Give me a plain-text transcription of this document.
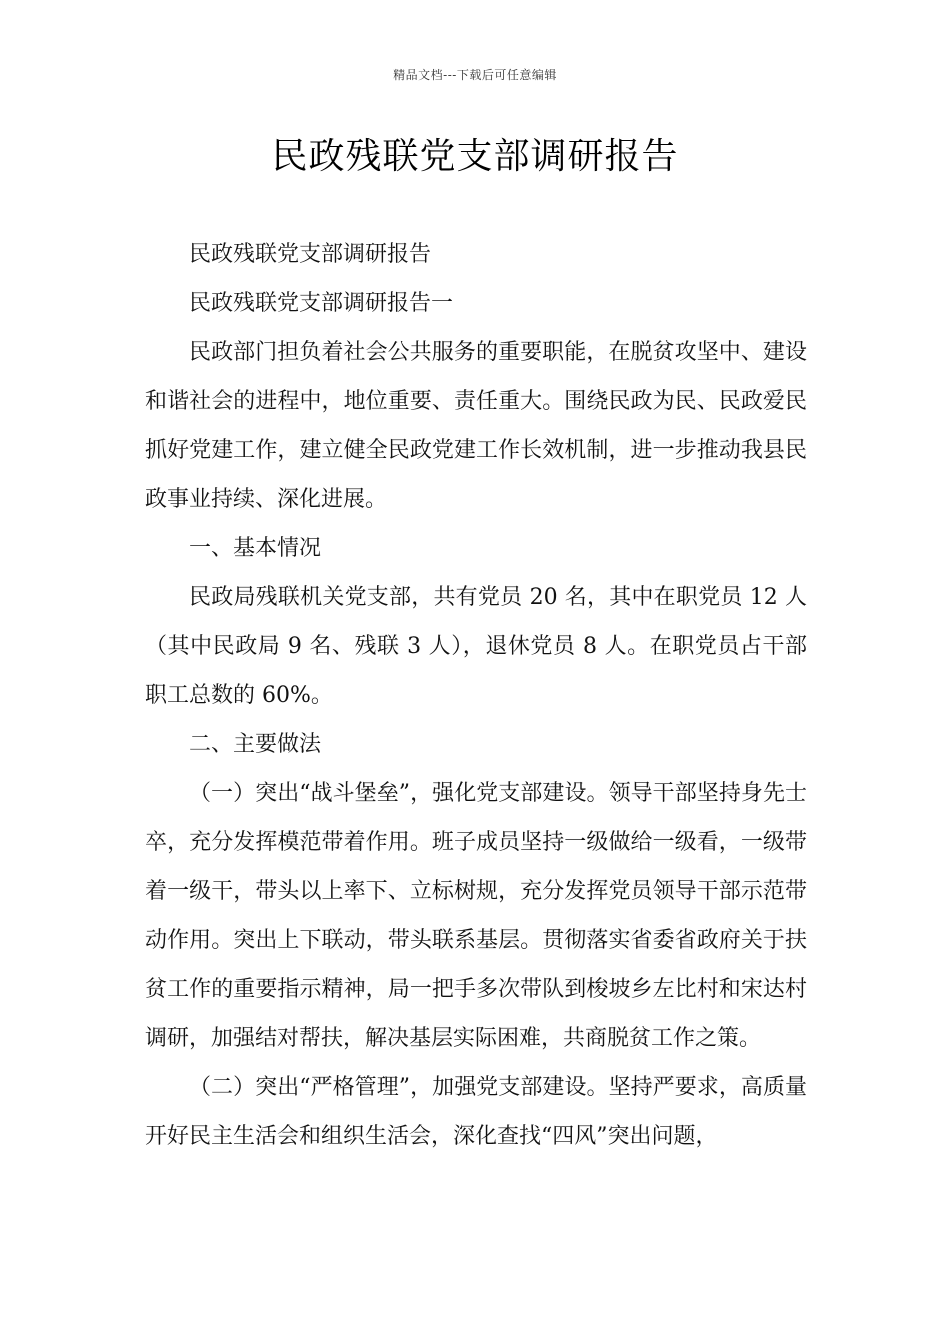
精品文档---下载后可任意编辑
民政残联党支部调研报告

民政残联党支部调研报告

民政残联党支部调研报告一

民政部门担负着社会公共服务的重要职能，在脱贫攻坚中、建设和谐社会的进程中，地位重要、责任重大。围绕民政为民、民政爱民抓好党建工作，建立健全民政党建工作长效机制，进一步推动我县民政事业持续、深化进展。

一、基本情况

民政局残联机关党支部，共有党员 20 名，其中在职党员 12 人（其中民政局 9 名、残联 3 人），退休党员 8 人。在职党员占干部职工总数的 60%。

二、主要做法

（一）突出“战斗堡垒”，强化党支部建设。领导干部坚持身先士卒，充分发挥模范带着作用。班子成员坚持一级做给一级看，一级带着一级干，带头以上率下、立标树规，充分发挥党员领导干部示范带动作用。突出上下联动，带头联系基层。贯彻落实省委省政府关于扶贫工作的重要指示精神，局一把手多次带队到梭坡乡左比村和宋达村调研，加强结对帮扶，解决基层实际困难，共商脱贫工作之策。

（二）突出“严格管理”，加强党支部建设。坚持严要求，高质量开好民主生活会和组织生活会，深化查找“四风”突出问题，
